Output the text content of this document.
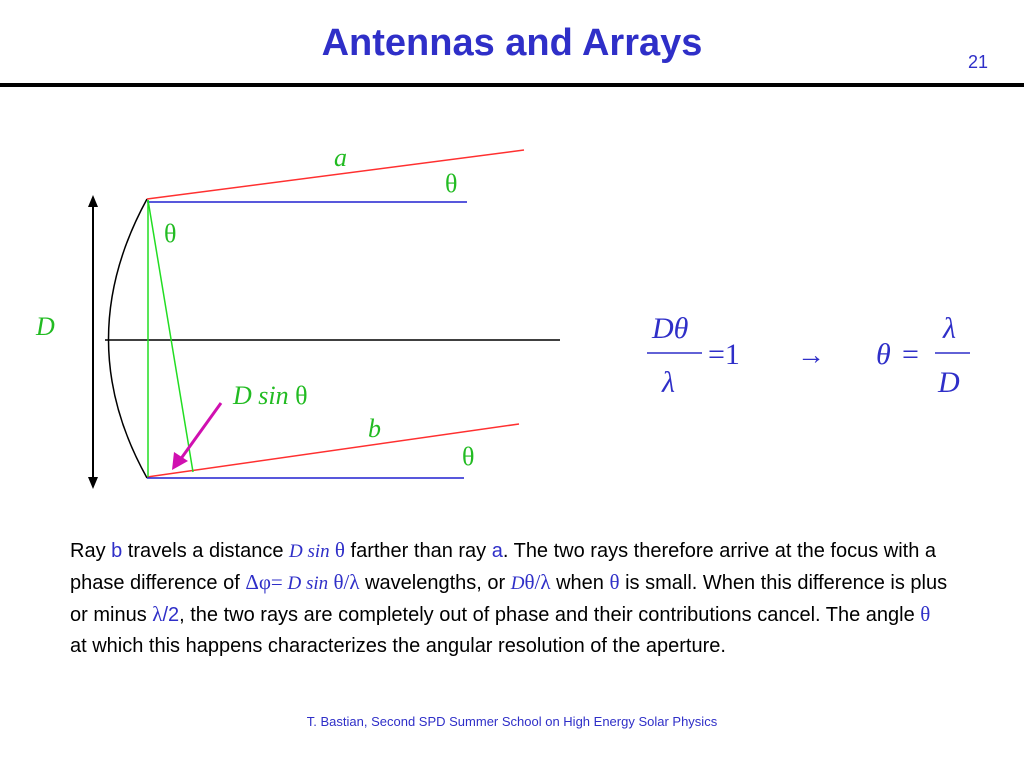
Antennas and Arrays	21
a
θ
θ
D
D sin θ
b
θ
Dθ
λ
=1 → θ =
λ
D

Ray b travels a distance D sin θ farther than ray a. The two rays therefore arrive at the focus with a phase difference of Δφ= D sin θ/λ wavelengths, or Dθ/λ when θ is small. When this difference is plus or minus λ/2, the two rays are completely out of phase and their contributions cancel. The angle θ at which this happens characterizes the angular resolution of the aperture.

T. Bastian, Second SPD Summer School on High Energy Solar Physics
